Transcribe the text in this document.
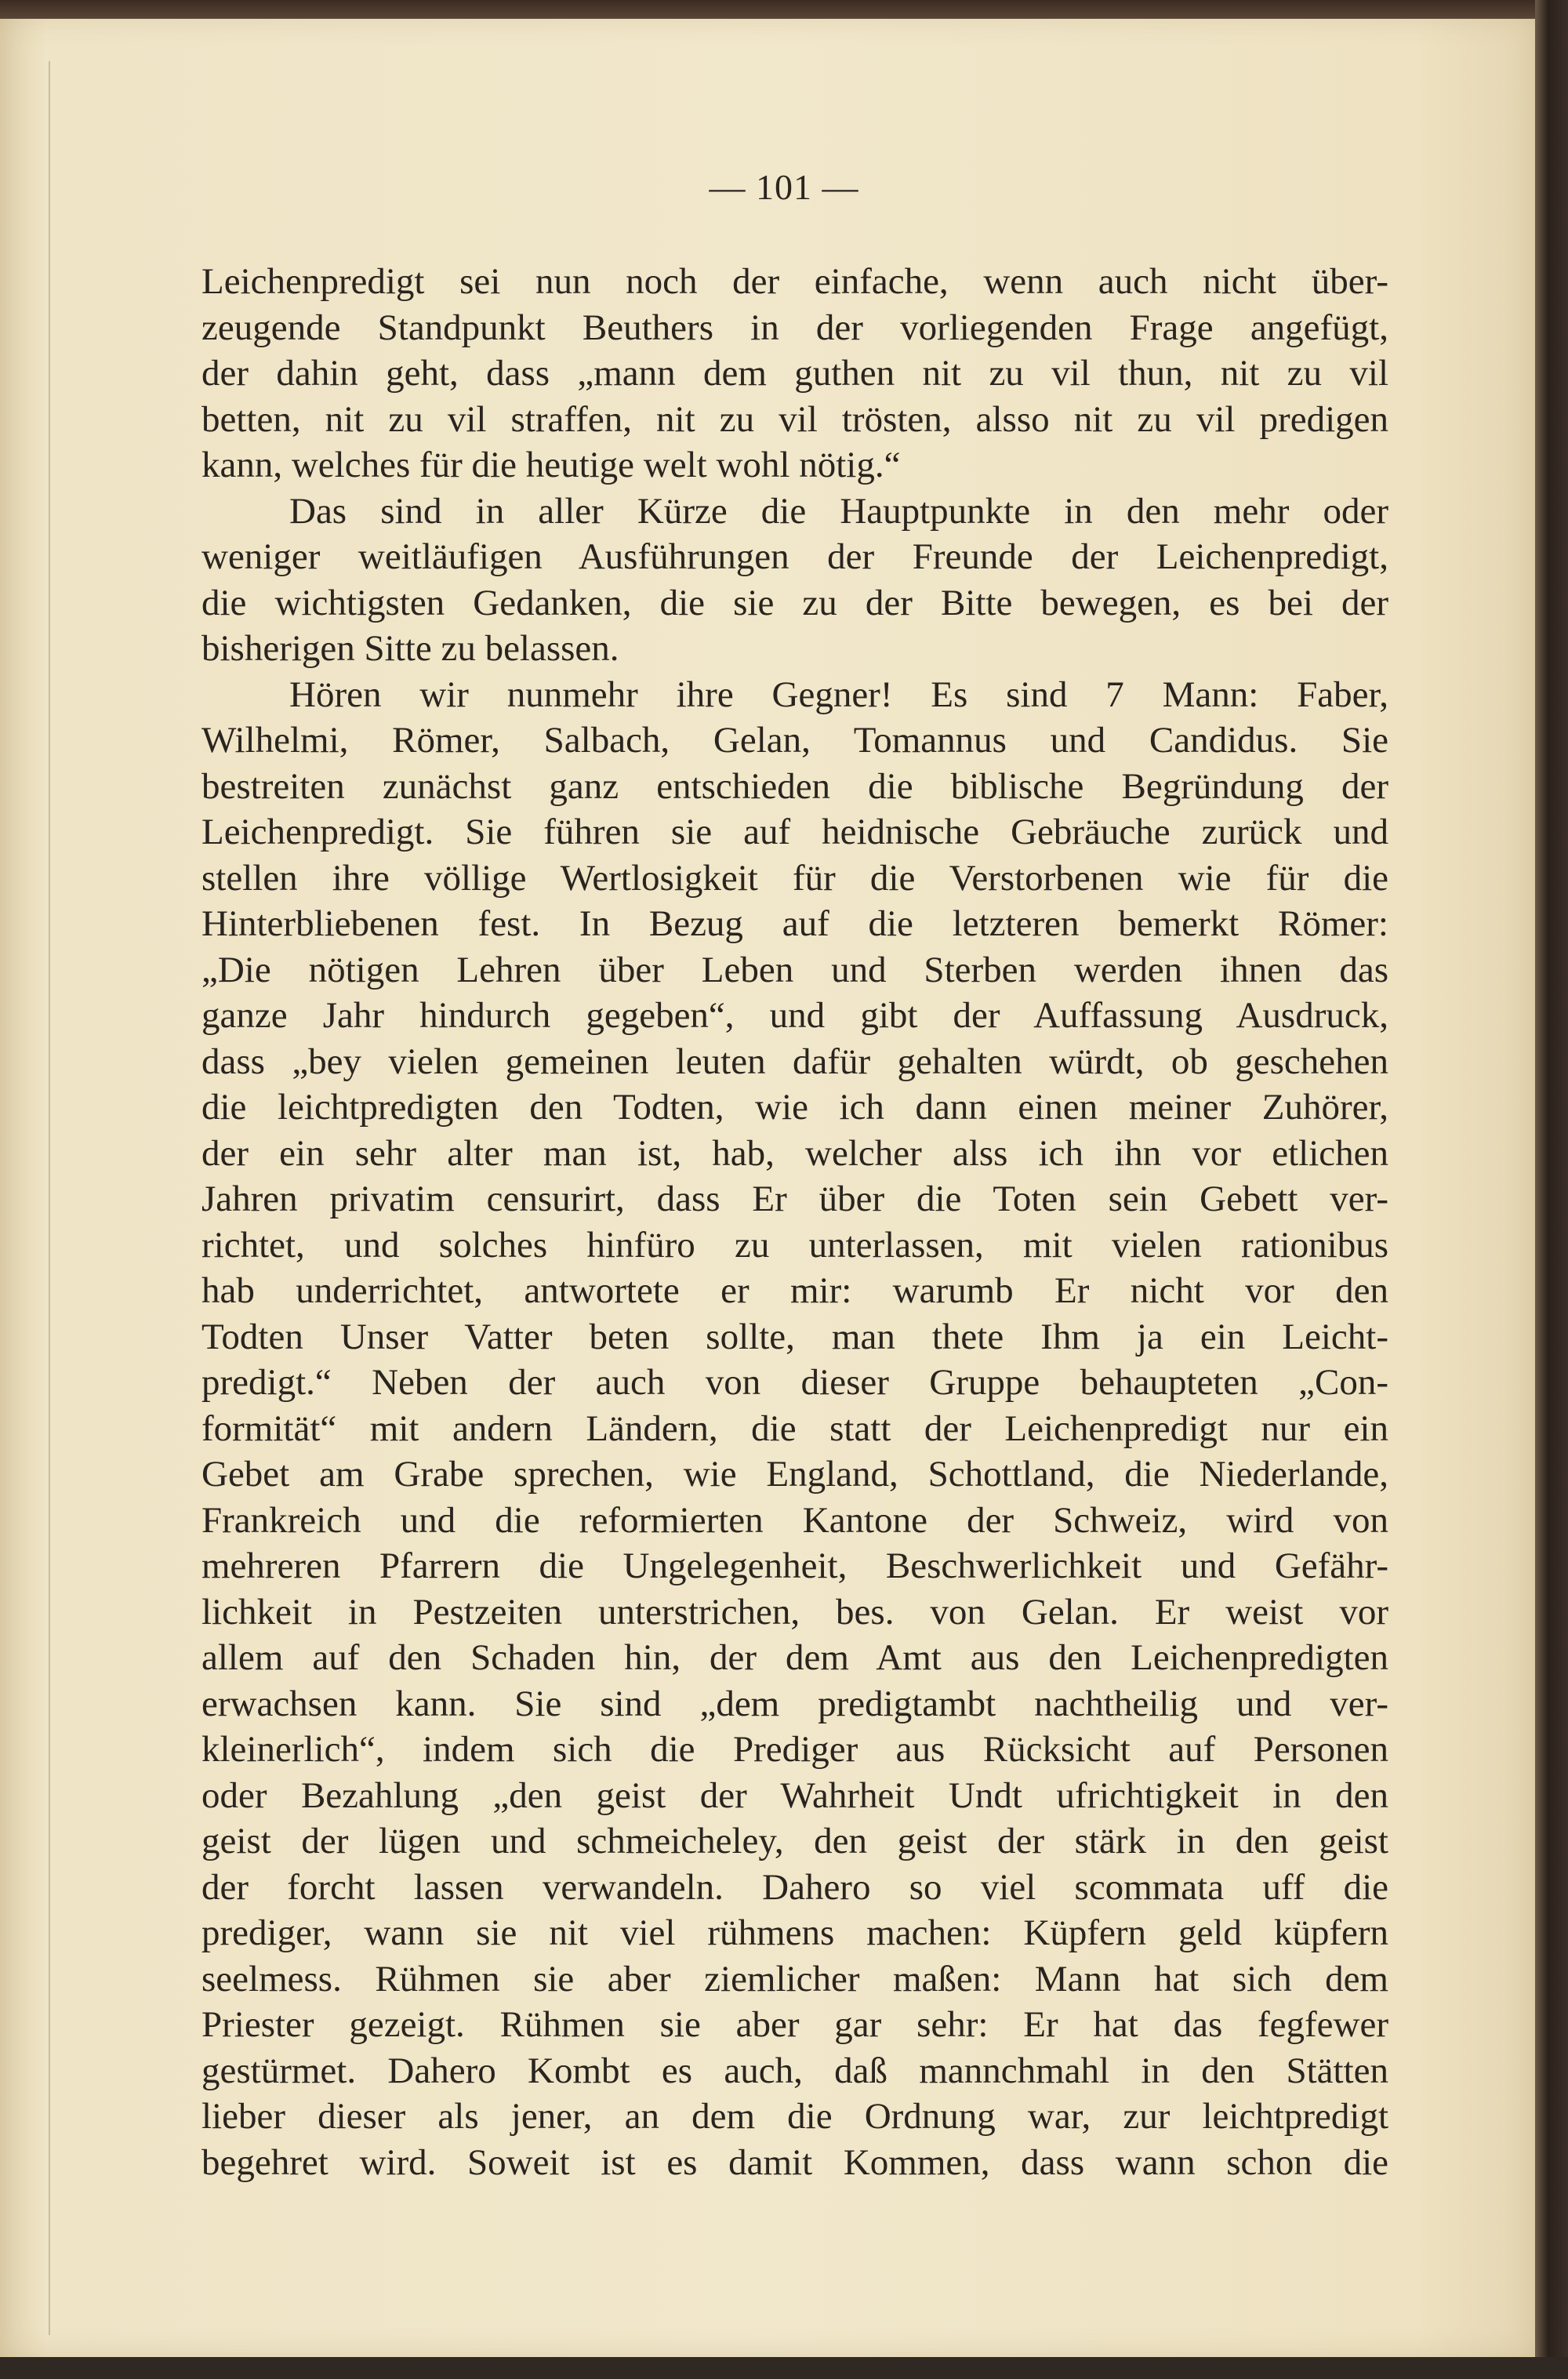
— 101 —
Leichenpredigt sei nun noch der einfache, wenn auch nicht über-
zeugende Standpunkt Beuthers in der vorliegenden Frage angefügt,
der dahin geht, dass „mann dem guthen nit zu vil thun, nit zu vil
betten, nit zu vil straffen, nit zu vil trösten, alsso nit zu vil predigen
kann, welches für die heutige welt wohl nötig.“
Das sind in aller Kürze die Hauptpunkte in den mehr oder
weniger weitläufigen Ausführungen der Freunde der Leichenpredigt,
die wichtigsten Gedanken, die sie zu der Bitte bewegen, es bei der
bisherigen Sitte zu belassen.
Hören wir nunmehr ihre Gegner! Es sind 7 Mann: Faber,
Wilhelmi, Römer, Salbach, Gelan, Tomannus und Candidus. Sie
bestreiten zunächst ganz entschieden die biblische Begründung der
Leichenpredigt. Sie führen sie auf heidnische Gebräuche zurück und
stellen ihre völlige Wertlosigkeit für die Verstorbenen wie für die
Hinterbliebenen fest. In Bezug auf die letzteren bemerkt Römer:
„Die nötigen Lehren über Leben und Sterben werden ihnen das
ganze Jahr hindurch gegeben“, und gibt der Auffassung Ausdruck,
dass „bey vielen gemeinen leuten dafür gehalten würdt, ob geschehen
die leichtpredigten den Todten, wie ich dann einen meiner Zuhörer,
der ein sehr alter man ist, hab, welcher alss ich ihn vor etlichen
Jahren privatim censurirt, dass Er über die Toten sein Gebett ver-
richtet, und solches hinfüro zu unterlassen, mit vielen rationibus
hab underrichtet, antwortete er mir: warumb Er nicht vor den
Todten Unser Vatter beten sollte, man thete Ihm ja ein Leicht-
predigt.“ Neben der auch von dieser Gruppe behaupteten „Con-
formität“ mit andern Ländern, die statt der Leichenpredigt nur ein
Gebet am Grabe sprechen, wie England, Schottland, die Niederlande,
Frankreich und die reformierten Kantone der Schweiz, wird von
mehreren Pfarrern die Ungelegenheit, Beschwerlichkeit und Gefähr-
lichkeit in Pestzeiten unterstrichen, bes. von Gelan. Er weist vor
allem auf den Schaden hin, der dem Amt aus den Leichenpredigten
erwachsen kann. Sie sind „dem predigtambt nachtheilig und ver-
kleinerlich“, indem sich die Prediger aus Rücksicht auf Personen
oder Bezahlung „den geist der Wahrheit Undt ufrichtigkeit in den
geist der lügen und schmeicheley, den geist der stärk in den geist
der forcht lassen verwandeln. Dahero so viel scommata uff die
prediger, wann sie nit viel rühmens machen: Küpfern geld küpfern
seelmess. Rühmen sie aber ziemlicher maßen: Mann hat sich dem
Priester gezeigt. Rühmen sie aber gar sehr: Er hat das fegfewer
gestürmet. Dahero Kombt es auch, daß mannchmahl in den Stätten
lieber dieser als jener, an dem die Ordnung war, zur leichtpredigt
begehret wird. Soweit ist es damit Kommen, dass wann schon die
